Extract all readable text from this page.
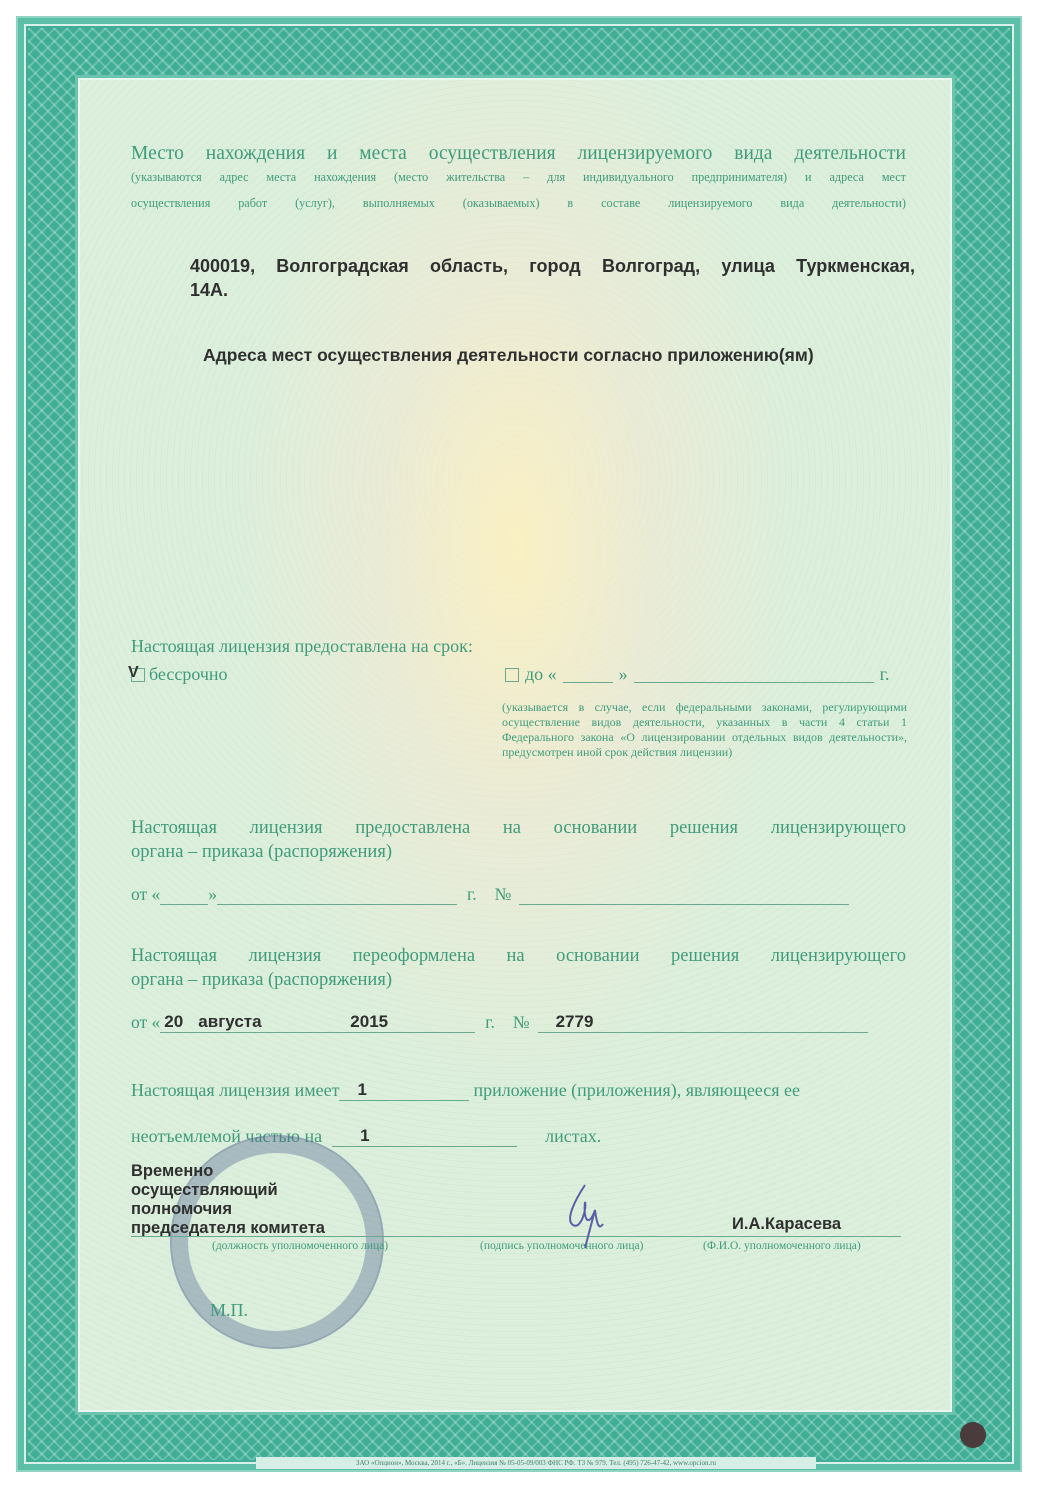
Место нахождения и места осуществления лицензируемого вида деятельности
(указываются адрес места нахождения (место жительства – для индивидуального предпринимателя) и адреса мест
осуществления работ (услуг), выполняемых (оказываемых) в составе лицензируемого вида деятельности)
400019, Волгоградская область, город Волгоград, улица Туркменская,
14А.
Адреса мест осуществления деятельности согласно приложению(ям)
Настоящая лицензия предоставлена на срок:
V бессрочно	до «	»	г.
(указывается в случае, если федеральными законами, регулирующими осуществление видов деятельности, указанных в части 4 статьи 1 Федерального закона «О лицензировании отдельных видов деятельности», предусмотрен иной срок действия лицензии)
Настоящая лицензия предоставлена на основании решения лицензирующего
органа – приказа (распоряжения)
от «	»	г. №
Настоящая лицензия переоформлена на основании решения лицензирующего
органа – приказа (распоряжения)
от « 20 августа	2015	г. № 2779
Настоящая лицензия имеет 1	приложение (приложения), являющееся ее
неотъемлемой частью на 1	листах.
Временно
осуществляющий
полномочия
председателя комитета
(должность уполномоченного лица)	(подпись уполномоченного лица)	(Ф.И.О. уполномоченного лица)
И.А.Карасева
М.П.
ЗАО «Опцион», Москва, 2014 г., «Б». Лицензия № 05-05-09/003 ФНС РФ. ТЗ № 979. Тел. (495) 726-47-42, www.opcion.ru
